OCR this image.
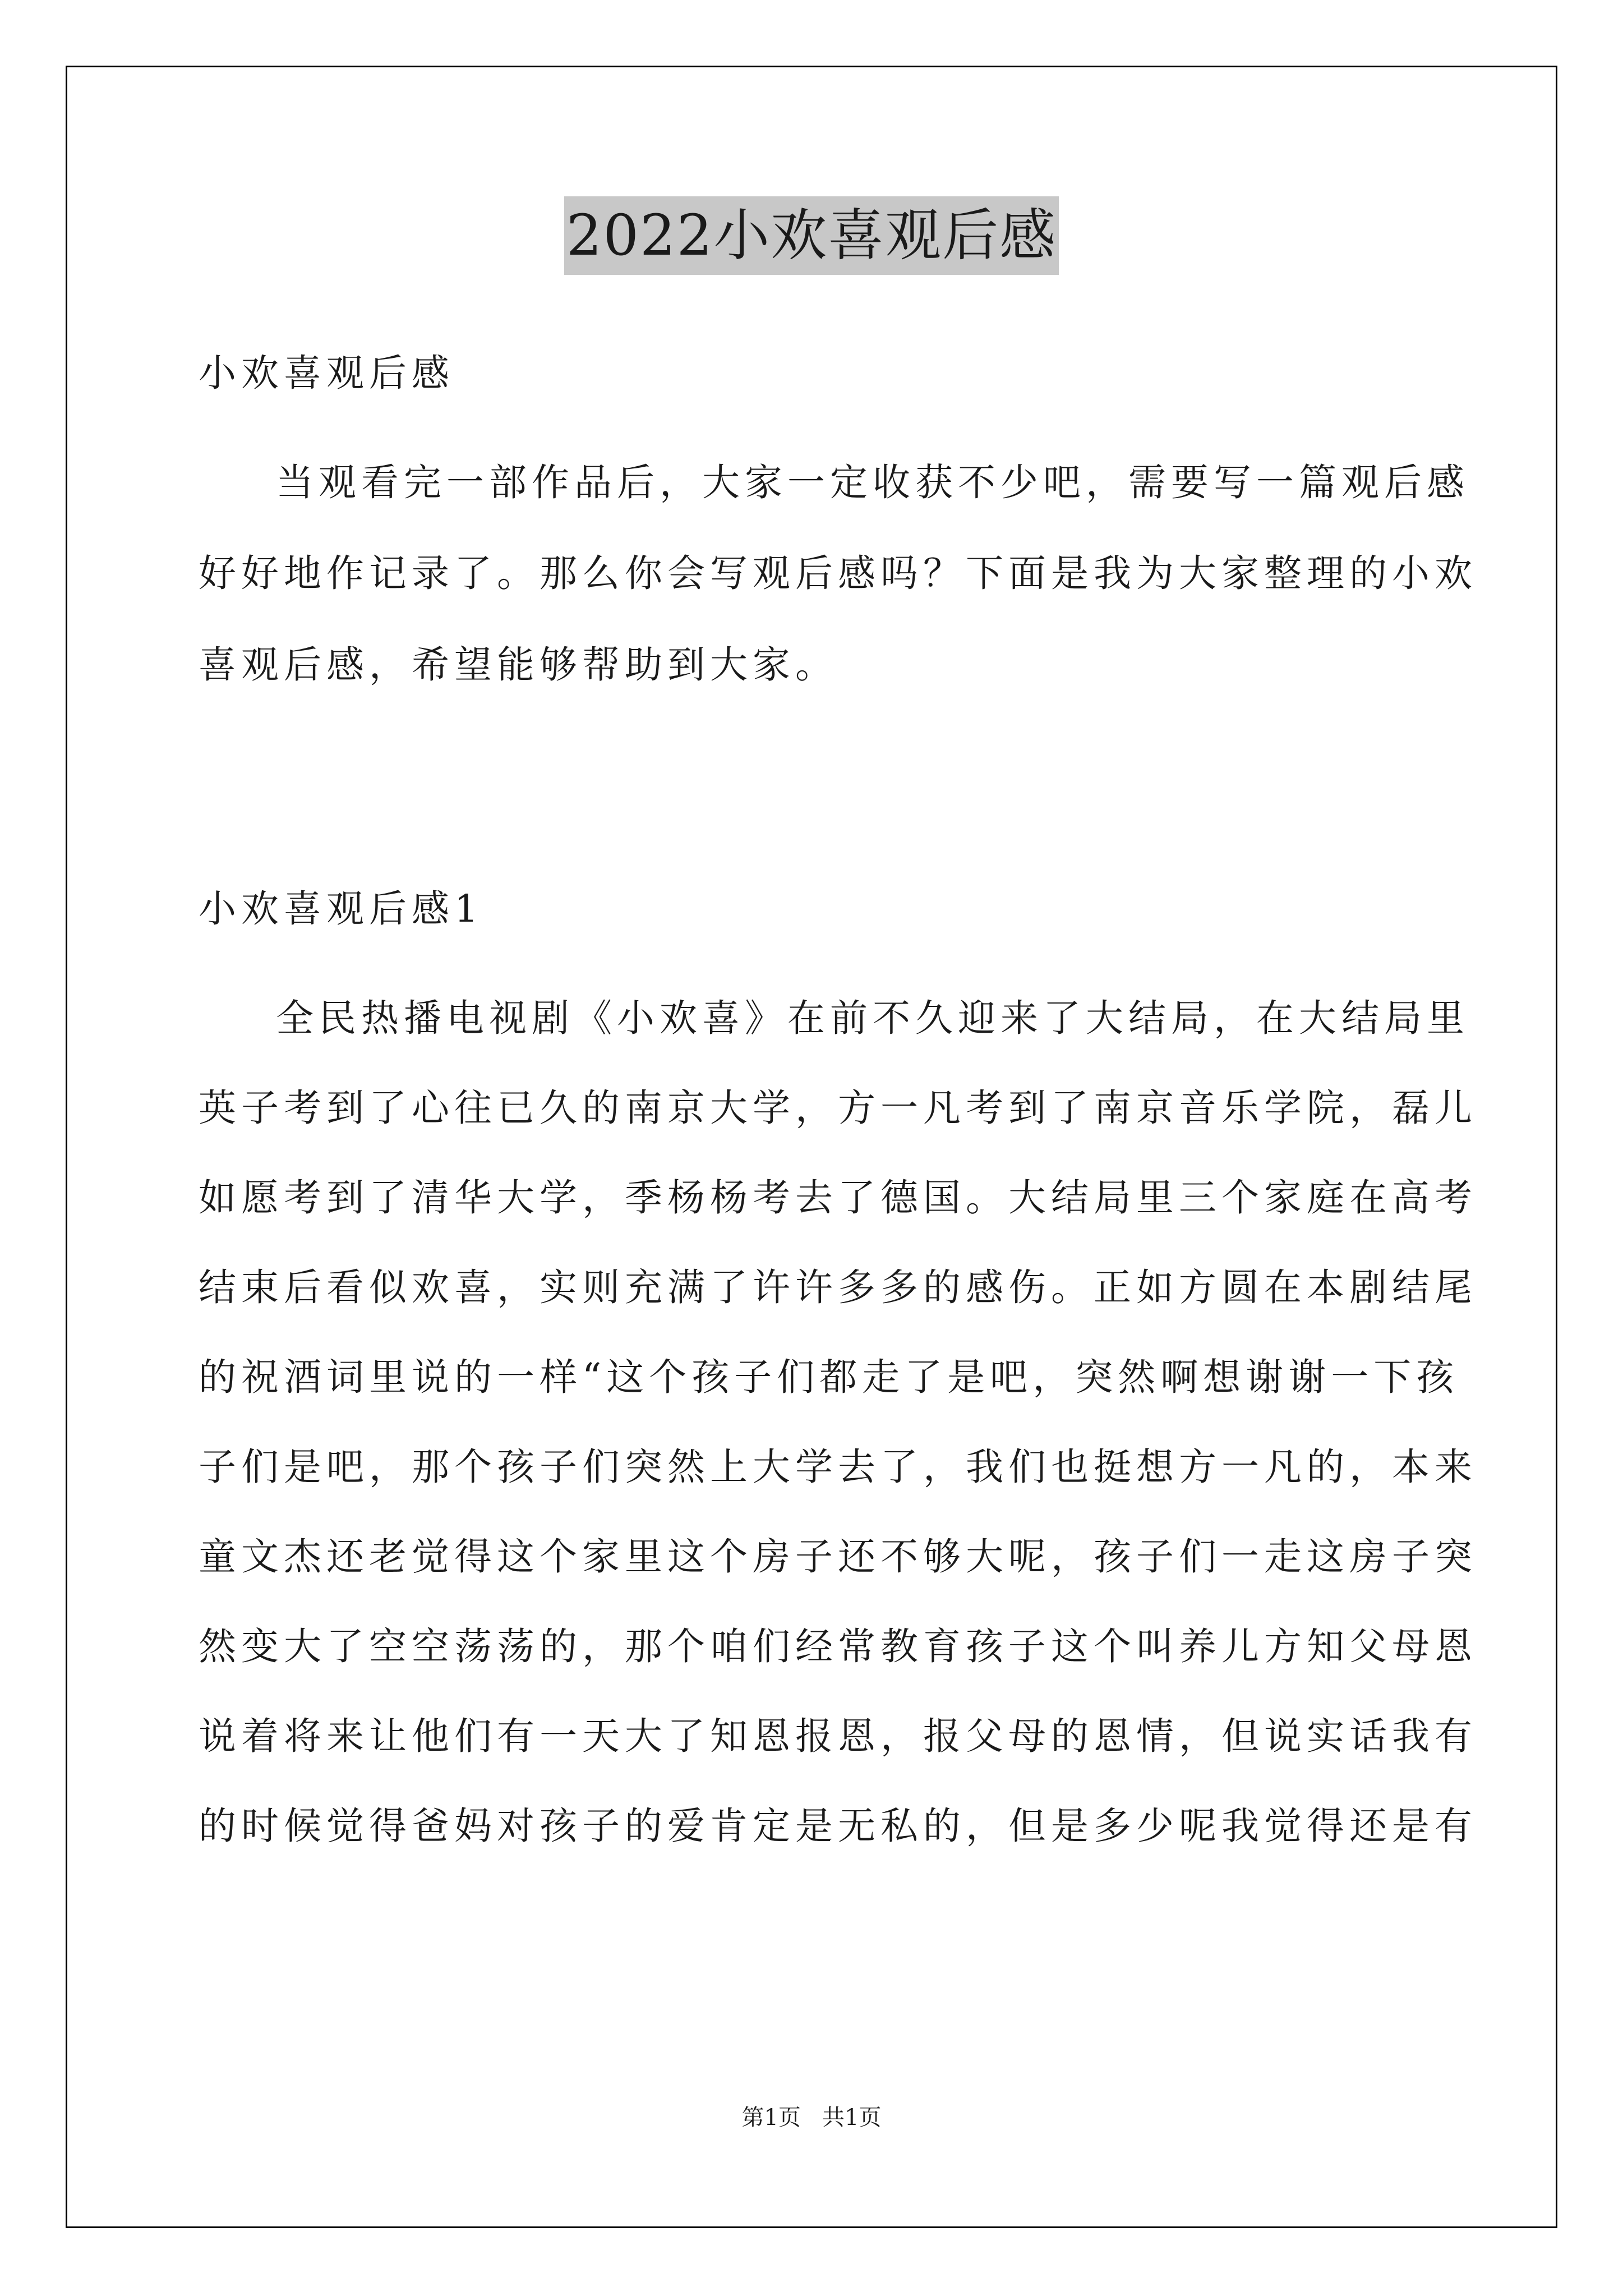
2022小欢喜观后感
小欢喜观后感
当观看完一部作品后，大家一定收获不少吧，需要写一篇观后感
好好地作记录了。那么你会写观后感吗？下面是我为大家整理的小欢
喜观后感，希望能够帮助到大家。
小欢喜观后感1
全民热播电视剧《小欢喜》在前不久迎来了大结局，在大结局里
英子考到了心往已久的南京大学，方一凡考到了南京音乐学院，磊儿
如愿考到了清华大学，季杨杨考去了德国。大结局里三个家庭在高考
结束后看似欢喜，实则充满了许许多多的感伤。正如方圆在本剧结尾
的祝酒词里说的一样“这个孩子们都走了是吧，突然啊想谢谢一下孩
子们是吧，那个孩子们突然上大学去了，我们也挺想方一凡的，本来
童文杰还老觉得这个家里这个房子还不够大呢，孩子们一走这房子突
然变大了空空荡荡的，那个咱们经常教育孩子这个叫养儿方知父母恩
说着将来让他们有一天大了知恩报恩，报父母的恩情，但说实话我有
的时候觉得爸妈对孩子的爱肯定是无私的，但是多少呢我觉得还是有
第1页   共1页
